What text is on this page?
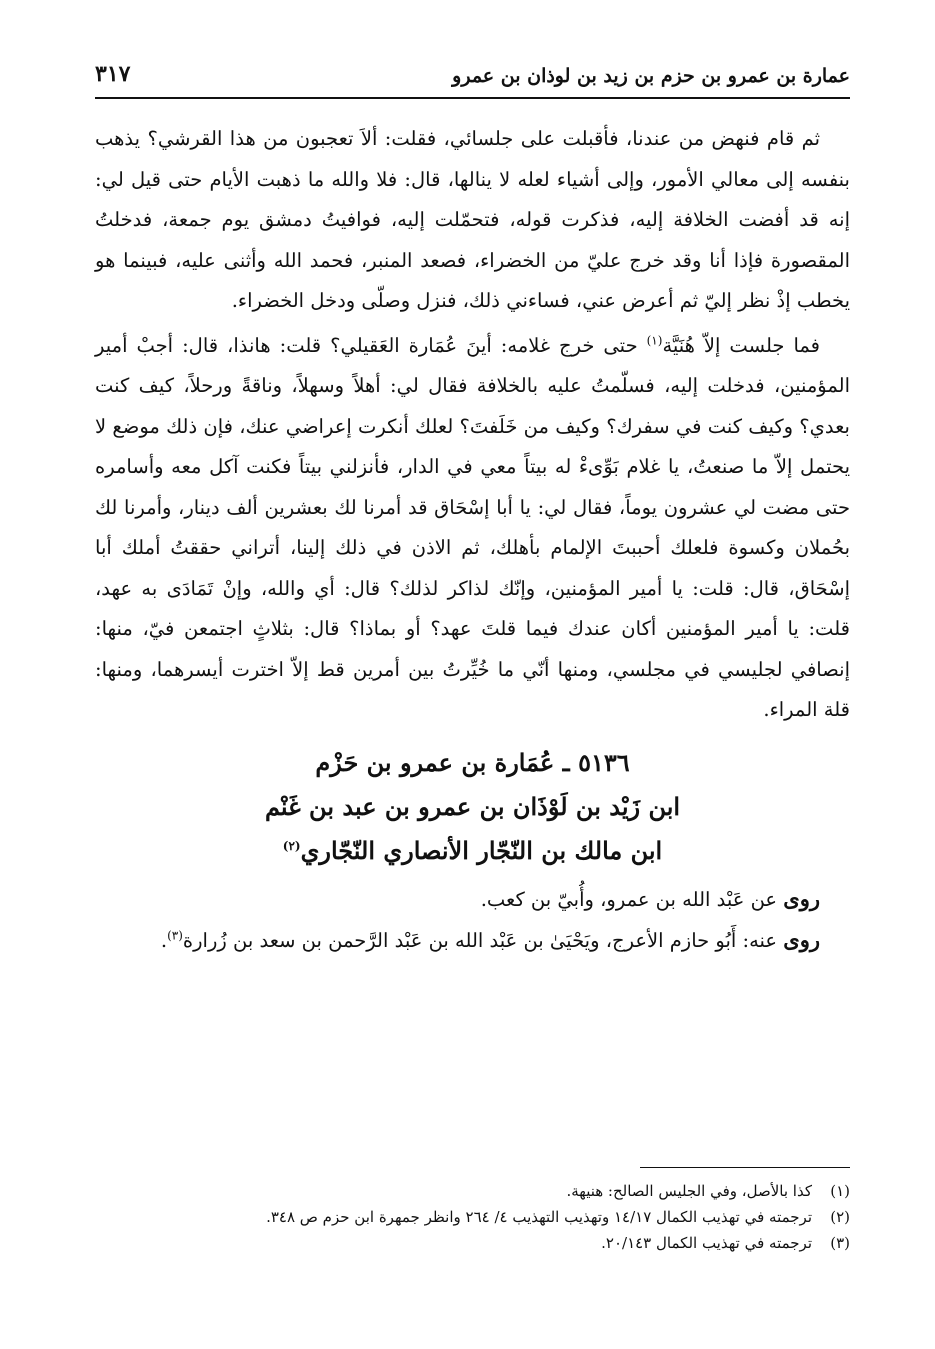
عمارة بن عمرو بن حزم بن زيد بن لوذان بن عمرو
٣١٧

ثم قام فنهض من عندنا، فأقبلت على جلسائي، فقلت: ألاَ تعجبون من هذا القرشي؟ يذهب بنفسه إلى معالي الأمور، وإلى أشياء لعله لا ينالها، قال: فلا والله ما ذهبت الأيام حتى قيل لي: إنه قد أفضت الخلافة إليه، فذكرت قوله، فتحمّلت إليه، فوافيتُ دمشق يوم جمعة، فدخلتُ المقصورة فإذا أنا وقد خرج عليّ من الخضراء، فصعد المنبر، فحمد الله وأثنى عليه، فبينما هو يخطب إذْ نظر إليّ ثم أعرض عني، فساءني ذلك، فنزل وصلّى ودخل الخضراء.

فما جلست إلاّ هُنَيَّة$^{(١)}$ حتى خرج غلامه: أينَ عُمَارة العَقيلي؟ قلت: هانذا، قال: أجبْ أمير المؤمنين، فدخلت إليه، فسلّمتُ عليه بالخلافة فقال لي: أهلاً وسهلاً، وناقةً ورحلاً، كيف كنت بعدي؟ وكيف كنت في سفرك؟ وكيف من خَلَفتَ؟ لعلك أنكرت إعراضي عنك، فإن ذلك موضع لا يحتمل إلاّ ما صنعتُ، يا غلام بَوِّىءْ له بيتاً معي في الدار، فأنزلني بيتاً فكنت آكل معه وأسامره حتى مضت لي عشرون يوماً، فقال لي: يا أبا إسْحَاق قد أمرنا لك بعشرين ألف دينار، وأمرنا لك بحُملان وكسوة فلعلك أحببتَ الإلمام بأهلك، ثم الاذن في ذلك إلينا، أتراني حققتُ أملك أبا إسْحَاق، قال: قلت: يا أمير المؤمنين، وإنّك لذاكر لذلك؟ قال: أي والله، وإنْ تَمَادَى به عهد، قلت: يا أمير المؤمنين أكان عندك فيما قلتَ عهد؟ أو بماذا؟ قال: بثلاثٍ اجتمعن فيّ، منها: إنصافي لجليسي في مجلسي، ومنها أنّي ما خُيِّرتُ بين أمرين قط إلاّ اخترت أيسرهما، ومنها: قلة المراء.

٥١٣٦ ـ عُمَارة بن عمرو بن حَزْم
ابن زَيْد بن لَوْذَان بن عمرو بن عبد بن غَنْم
ابن مالك بن النّجّار الأنصاري النّجّاري$^{(٢)}$

روى عن عَبْد الله بن عمرو، وأُبيّ بن كعب.

روى عنه: أَبُو حازم الأعرج، ويَحْيَىٰ بن عَبْد الله بن عَبْد الرَّحمن بن سعد بن زُرارة$^{(٣)}$.

(١)
كذا بالأصل، وفي الجليس الصالح: هنيهة.
(٢)
ترجمته في تهذيب الكمال ١٤/١٧ وتهذيب التهذيب ٤/ ٢٦٤ وانظر جمهرة ابن حزم ص ٣٤٨.
(٣)
ترجمته في تهذيب الكمال ٢٠/١٤٣.
